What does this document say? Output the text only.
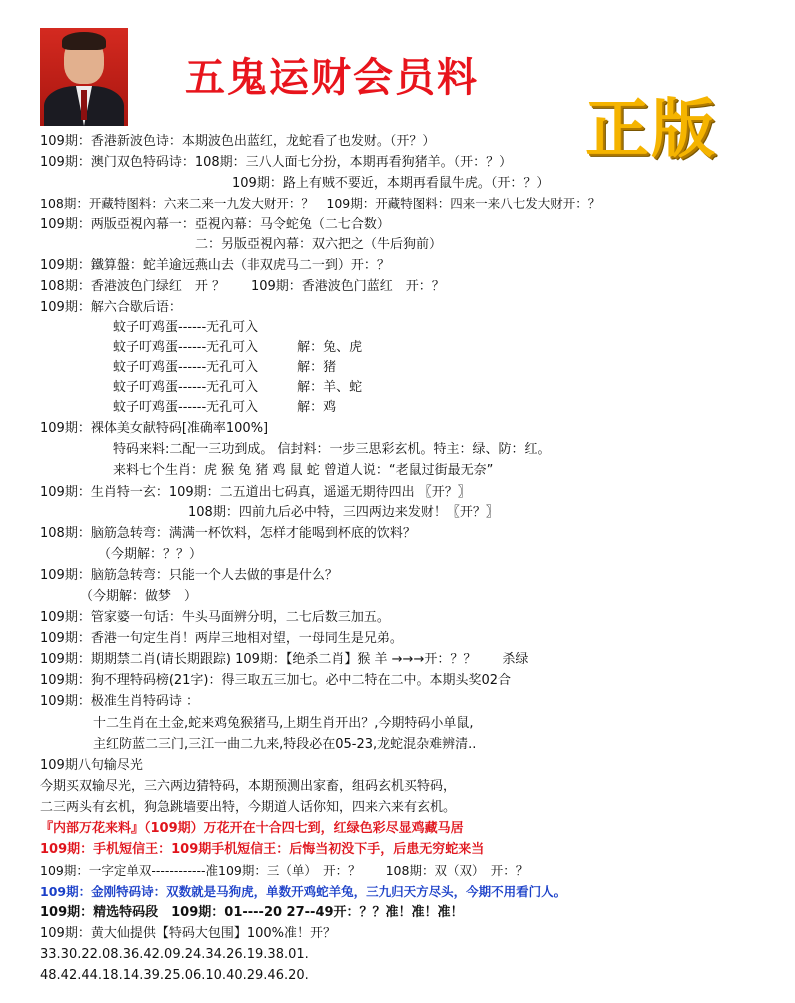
五鬼运财会员料
正版
109期：香港新波色诗：本期波色出蓝红，龙蛇看了也发财。（开？）
109期：澳门双色特码诗：108期：三八人面七分扮，本期再看狗猪羊。（开：？）
109期：路上有贼不要近，本期再看鼠牛虎。（开：？）
108期：开藏特图料：六来二来一九发大财开：？　109期：开藏特图料：四来一来八七发大财开：？
109期：两版亞視內幕一：亞視內幕：马令蛇兔（二七合数）
二：另版亞視內幕：双六把之（牛后狗前）
109期：鐵算盤：蛇羊逾远燕山去（非双虎马二一到）开：？
108期：香港波色门绿红　开 ？　　109期：香港波色门蓝红　开：？
109期：解六合歇后语：
蚊子叮鸡蛋------无孔可入
蚊子叮鸡蛋------无孔可入　　　解：兔、虎
蚊子叮鸡蛋------无孔可入　　　解：猪
蚊子叮鸡蛋------无孔可入　　　解：羊、蛇
蚊子叮鸡蛋------无孔可入　　　解：鸡
109期：裸体美女献特码[准确率100%]
特码来料:二配一三功到成。 信封料：一步三思彩玄机。特主：绿、防：红。
来料七个生肖：虎 猴 兔 猪 鸡 鼠 蛇 曾道人说：“老鼠过街最无奈”
109期：生肖特一玄：109期：二五道出七码真，遥遥无期待四出 〖开？〗
108期：四前九后必中特，三四两边来发财！〖开？〗
108期：脑筋急转弯：满满一杯饮料，怎样才能喝到杯底的饮料？
（今期解：？？）
109期：脑筋急转弯：只能一个人去做的事是什么？
（今期解：做梦　）
109期：管家婆一句话：牛头马面辨分明，二七后数三加五。
109期：香港一句定生肖！两岸三地相对望，一母同生是兄弟。
109期：期期禁二肖(请长期跟踪) 109期：【绝杀二肖】猴 羊 →→→开：？？　　杀绿
109期：狗不理特码榜(21字)：得三取五三加七。必中二特在二中。本期头奖02合
109期：极准生肖特码诗 ：
十二生肖在土金,蛇来鸡兔猴猪马,上期生肖开出？,今期特码小单鼠,
主红防蓝二三门,三江一曲二九来,特段必在05-23,龙蛇混杂难辨清..
109期八句输尽光
今期买双输尽光，三六两边猜特码，本期预测出家畜，组码玄机买特码，
二三两头有玄机，狗急跳墙要出特，今期道人话你知，四来六来有玄机。
『内部万花来料』（109期）万花开在十合四七到，红绿色彩尽显鸡藏马居
109期：手机短信王：109期手机短信王：后悔当初没下手，后患无穷蛇来当
109期：一字定单双------------准109期：三（单）　开：？　　108期：双（双）　开：？
109期：金刚特码诗：双数就是马狗虎，单数开鸡蛇羊兔，三九归天方尽头，今期不用看门人。
109期：精选特码段　109期：01----20 27--49开：？？准！准！准！
109期：黄大仙提供【特码大包围】100%准！开？
33.30.22.08.36.42.09.24.34.26.19.38.01.
48.42.44.18.14.39.25.06.10.40.29.46.20.
